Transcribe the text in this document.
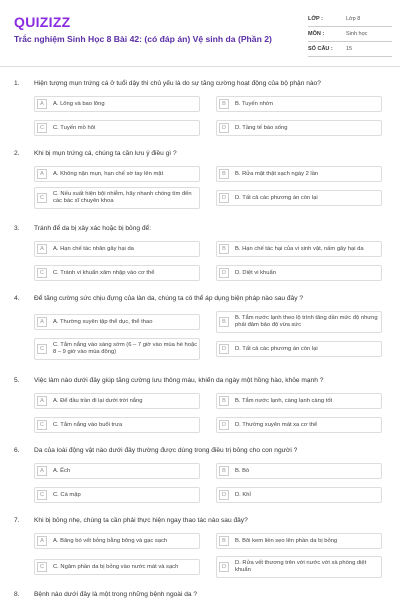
QUIZIZZ
Trắc nghiệm Sinh Học 8 Bài 42: (có đáp án) Vệ sinh da (Phần 2)
LỚP :	Lớp 8
MÔN :	Sinh học
SỐ CÂU :	15
1. Hiện tượng mụn trứng cá ở tuổi dậy thì chủ yếu là do sự tăng cường hoạt động của bộ phận nào?
A	A. Lông và bao lông	B	B. Tuyến nhờn
C	C. Tuyến mồ hôi	D	D. Tầng tế bào sống
2. Khi bị mụn trứng cá, chúng ta cần lưu ý điều gì ?
A	A. Không nặn mụn, hạn chế sờ tay lên mặt	B	B. Rửa mặt thật sạch ngày 2 lần
C
C. Nếu xuất hiện bội nhiễm, hãy nhanh chóng tìm đến các bác sĩ chuyên khoa	D	D. Tất cả các phương án còn lại
3. Tránh để da bị xây xác hoặc bị bỏng để:
A	A. Hạn chế tác nhân gây hại da	B	B. Hạn chế tác hại của vi sinh vật, nấm gây hại da
C	C. Tránh vi khuẩn xâm nhập vào cơ thể	D	D. Diệt vi khuẩn
4. Để tăng cường sức chịu đựng của làn da, chúng ta có thể áp dụng biện pháp nào sau đây ?
A	A. Thường xuyên tập thể dục, thể thao	B
B. Tắm nước lạnh theo lộ trình tăng dần mức độ nhưng phải đảm bảo độ vừa sức
C
C. Tắm nắng vào sáng sớm (6 – 7 giờ vào mùa hè hoặc 8 – 9 giờ vào mùa đông)	D	D. Tất cả các phương án còn lại
5. Việc làm nào dưới đây giúp tăng cường lưu thông máu, khiến da ngày một hồng hào, khỏe mạnh ?
A	A. Để đầu trần đi lại dưới trời nắng	B	B. Tắm nước lạnh, càng lạnh càng tốt
C	C. Tắm nắng vào buổi trưa	D	D. Thường xuyên mát xa cơ thể
6. Da của loài động vật nào dưới đây thường được dùng trong điều trị bỏng cho con người ?
A	A. Ếch	B	B. Bò
C	C. Cá mập	D	D. Khỉ
7. Khi bị bỏng nhẹ, chúng ta cần phải thực hiện ngay thao tác nào sau đây?
A	A. Băng bó vết bỏng bằng bông và gạc sạch	B	B. Bôi kem liền sẹo lên phần da bị bỏng
C	C. Ngâm phần da bị bỏng vào nước mát và sạch	D
D. Rửa vết thương trên với nước với xà phòng diệt khuẩn
8. Bệnh nào dưới đây là một trong những bệnh ngoài da ?
